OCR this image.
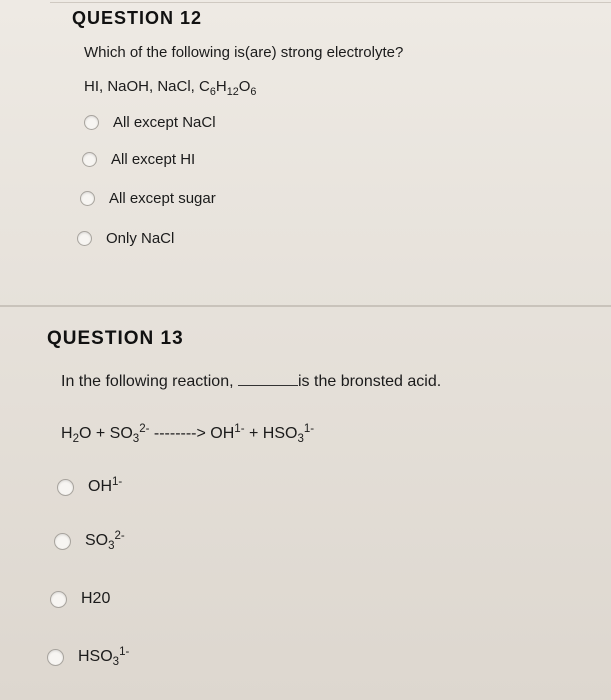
QUESTION 12
Which of the following is(are) strong electrolyte?
HI, NaOH, NaCl, $C_6H_{12}O_6$
All except NaCl
All except HI
All except sugar
Only NaCl
QUESTION 13
In the following reaction,	is the bronsted acid.
$H_2O + SO_3^{2-}$ --------> $OH^{1-} + HSO_3^{1-}$
$OH^{1-}$
$SO_3^{2-}$
H20
$HSO_3^{1-}$
